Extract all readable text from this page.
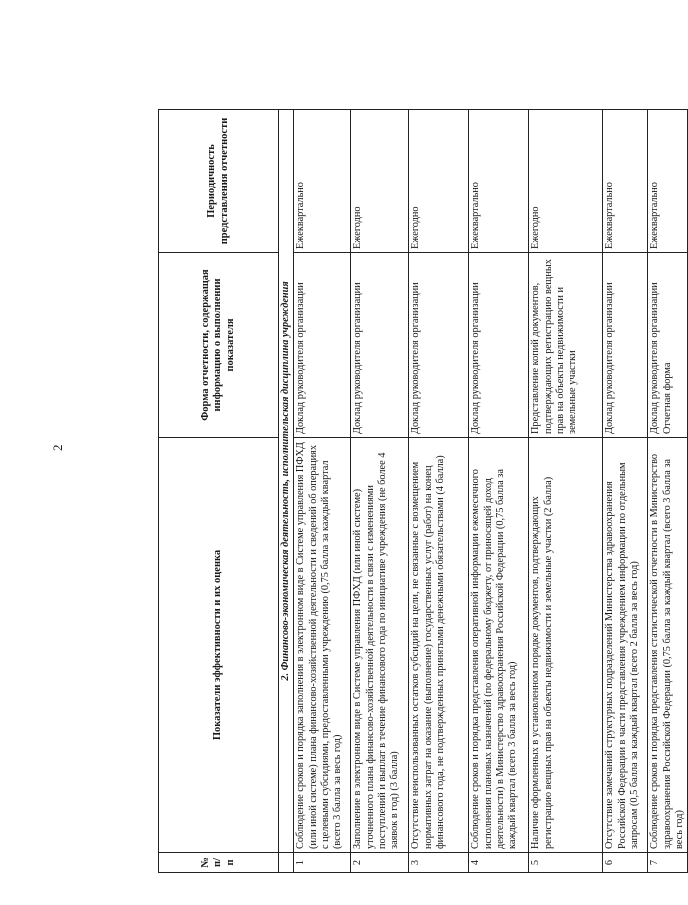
2
№ п/п	Показатели эффективности и их оценка	Форма отчетности, содержащая информацию о выполнении показателя	Периодичность представления отчетности
	2. Финансово-экономическая деятельность, исполнительская дисциплина учреждения		
1	Соблюдение сроков и порядка заполнения в электронном виде в Системе управления ПФХД (или иной системе) плана финансово-хозяйственной деятельности и сведений об операциях с целевыми субсидиями, предоставленными учреждению (0,75 балла за каждый квартал (всего 3 балла за весь год)	Доклад руководителя организации	Ежеквартально
2	Заполнение в электронном виде в Системе управления ПФХД (или иной системе) уточненного плана финансово-хозяйственной деятельности в связи с изменениями поступлений и выплат в течение финансового года по инициативе учреждения (не более 4 заявок в год) (3 балла)	Доклад руководителя организации	Ежегодно
3	Отсутствие неиспользованных остатков субсидий на цели, не связанные с возмещением нормативных затрат на оказание (выполнение) государственных услуг (работ) на конец финансового года, не подтвержденных принятыми денежными обязательствами (4 балла)	Доклад руководителя организации	Ежегодно
4	Соблюдение сроков и порядка представления оперативной информации ежемесячного исполнения плановых назначений (по федеральному бюджету, от приносящей доход деятельности) в Министерство здравоохранения Российской Федерации (0,75 балла за каждый квартал (всего 3 балла за весь год)	Доклад руководителя организации	Ежеквартально
5	Наличие оформленных в установленном порядке документов, подтверждающих регистрацию вещных прав на объекты недвижимости и земельные участки (2 балла)	Представление копий документов, подтверждающих регистрацию вещных прав на объекты недвижимости и земельные участки	Ежегодно
6	Отсутствие замечаний структурных подразделений Министерства здравоохранения Российской Федерации в части представления учреждением информации по отдельным запросам (0,5 балла за каждый квартал (всего 2 балла за весь год)	Доклад руководителя организации	Ежеквартально
7	Соблюдение сроков и порядка представления статистической отчетности в Министерство здравоохранения Российской Федерации (0,75 балла за каждый квартал (всего 3 балла за весь год)	Доклад руководителя организации Отчетная форма	Ежеквартально
